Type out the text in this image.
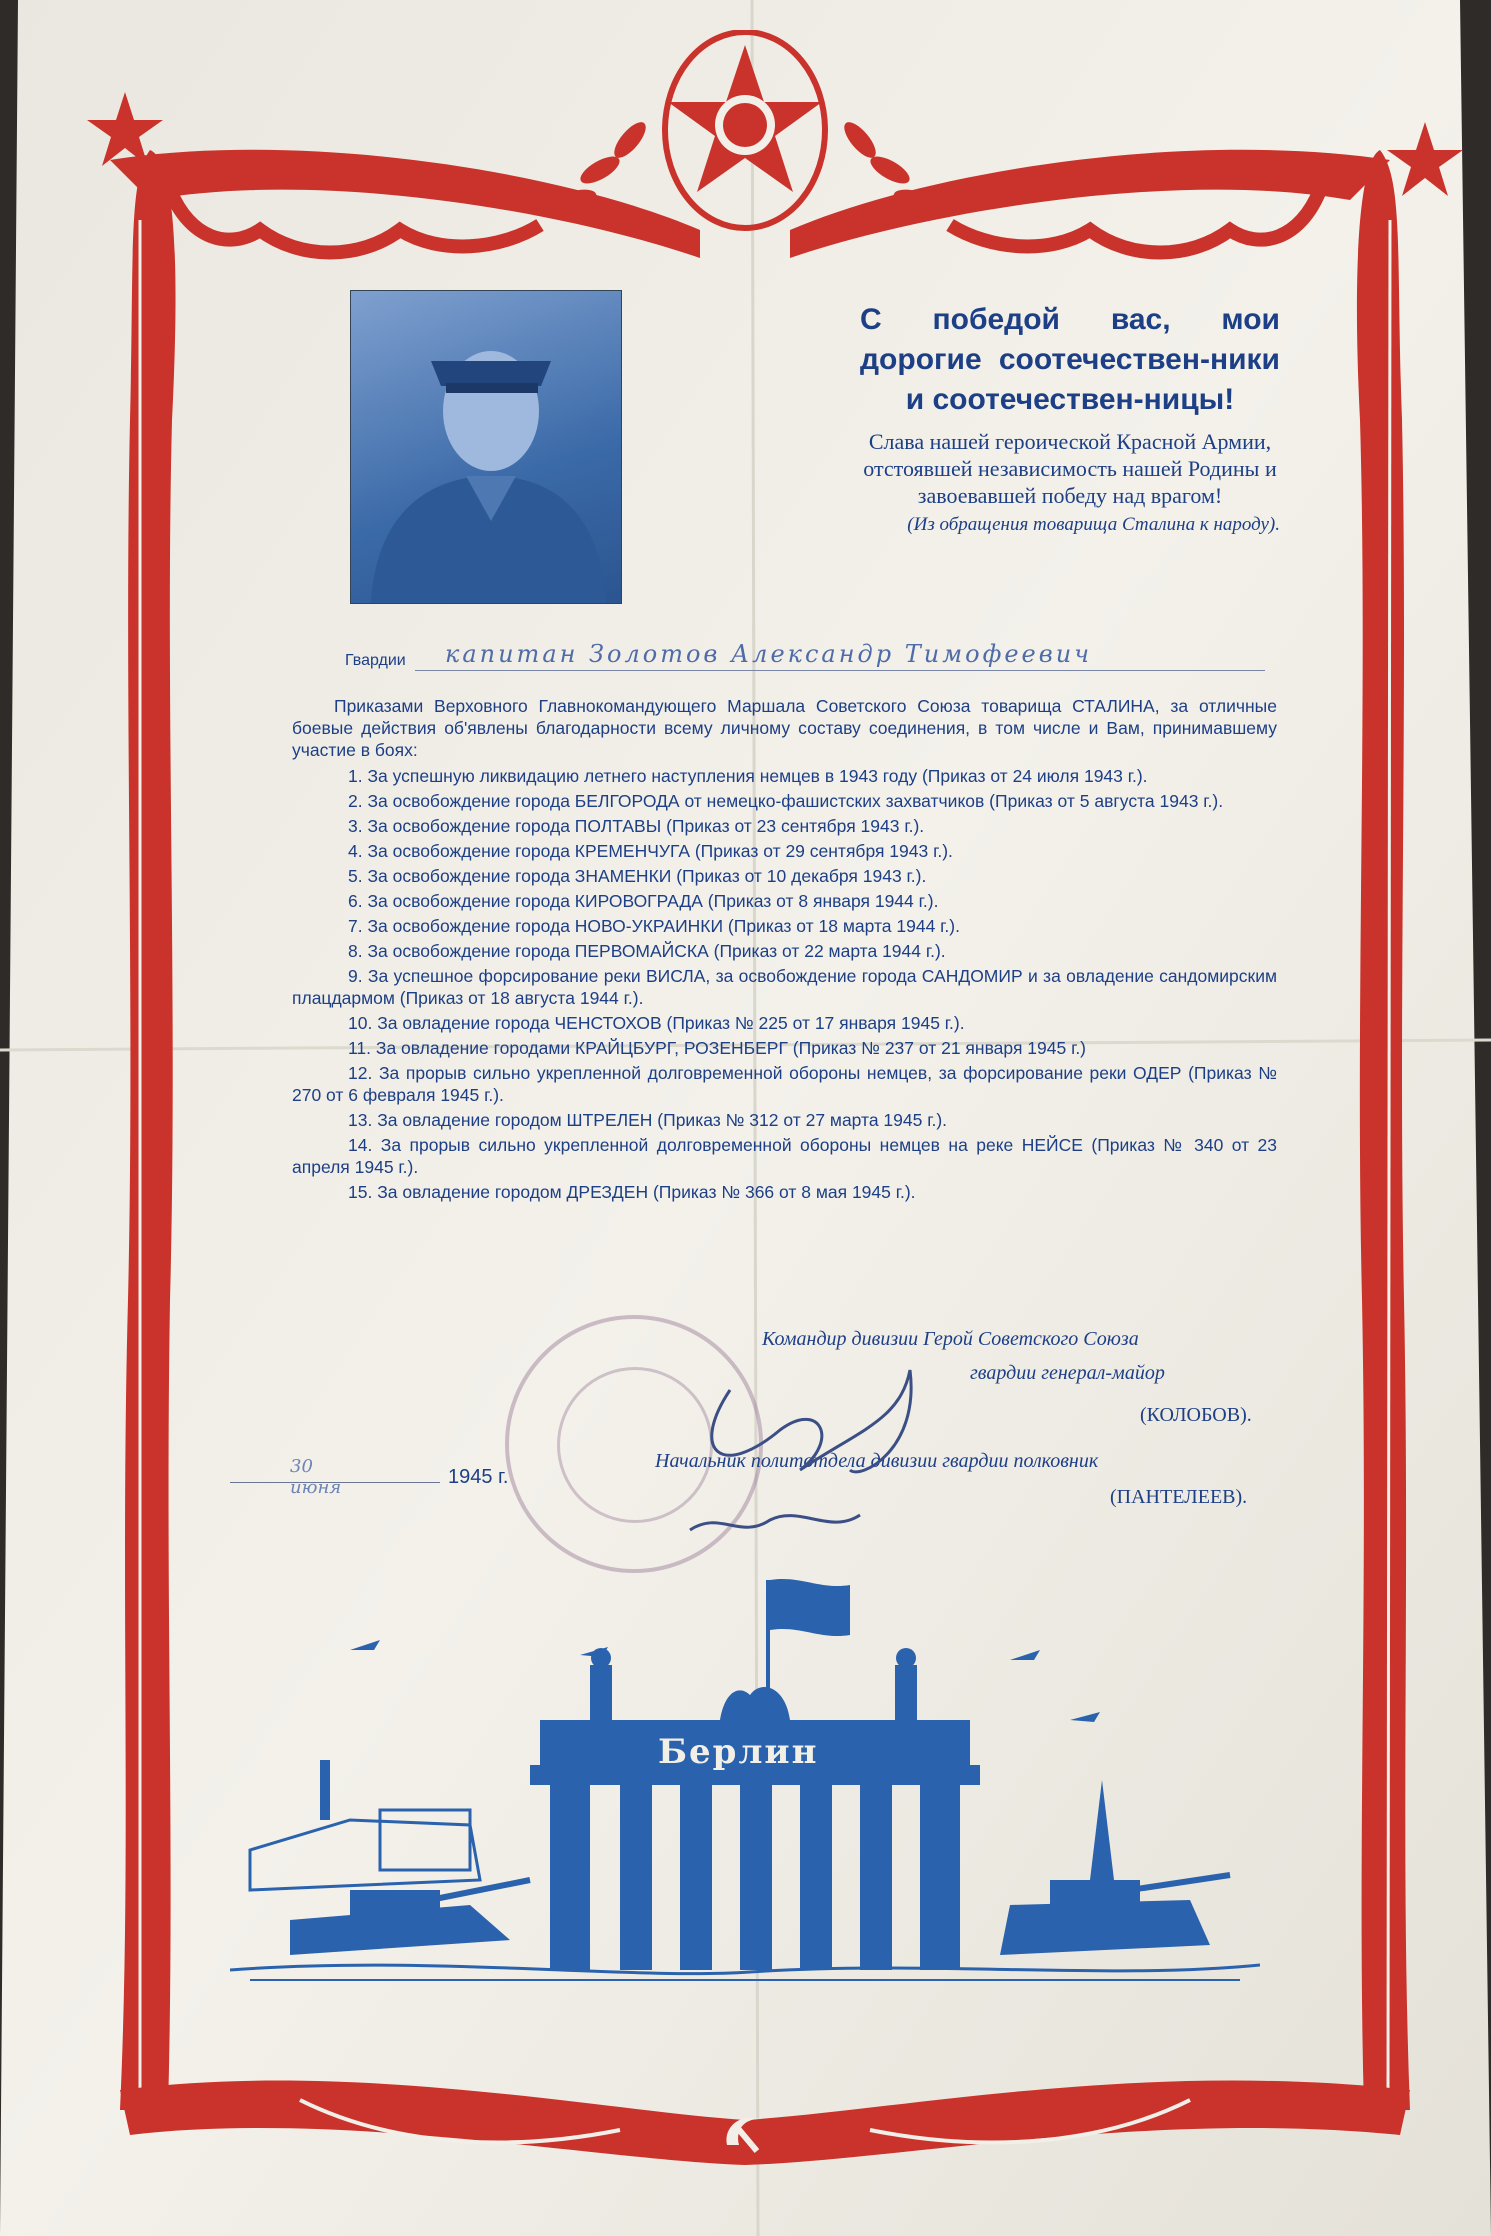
С победой вас, мои дорогие соотечествен-ники и соотечествен-ницы!
Слава нашей героической Красной Армии, отстоявшей независимость нашей Родины и завоевавшей победу над врагом!
(Из обращения товарища Сталина к народу).
Гвардии капитан Золотов Александр Тимофеевич

Приказами Верховного Главнокомандующего Маршала Советского Союза товарища СТАЛИНА, за отличные боевые действия об'явлены благодарности всему личному составу соединения, в том числе и Вам, принимавшему участие в боях:

1. За успешную ликвидацию летнего наступления немцев в 1943 году (Приказ от 24 июля 1943 г.).
2. За освобождение города БЕЛГОРОДА от немецко-фашистских захватчиков (Приказ от 5 августа 1943 г.).
3. За освобождение города ПОЛТАВЫ (Приказ от 23 сентября 1943 г.).
4. За освобождение города КРЕМЕНЧУГА (Приказ от 29 сентября 1943 г.).
5. За освобождение города ЗНАМЕНКИ (Приказ от 10 декабря 1943 г.).
6. За освобождение города КИРОВОГРАДА (Приказ от 8 января 1944 г.).
7. За освобождение города НОВО-УКРАИНКИ (Приказ от 18 марта 1944 г.).
8. За освобождение города ПЕРВОМАЙСКА (Приказ от 22 марта 1944 г.).
9. За успешное форсирование реки ВИСЛА, за освобождение города САНДОМИР и за овладение сандомирским плацдармом (Приказ от 18 августа 1944 г.).
10. За овладение города ЧЕНСТОХОВ (Приказ № 225 от 17 января 1945 г.).
11. За овладение городами КРАЙЦБУРГ, РОЗЕНБЕРГ (Приказ № 237 от 21 января 1945 г.)
12. За прорыв сильно укрепленной долговременной обороны немцев, за форсирование реки ОДЕР (Приказ № 270 от 6 февраля 1945 г.).
13. За овладение городом ШТРЕЛЕН (Приказ № 312 от 27 марта 1945 г.).
14. За прорыв сильно укрепленной долговременной обороны немцев на реке НЕЙСЕ (Приказ № 340 от 23 апреля 1945 г.).
15. За овладение городом ДРЕЗДЕН (Приказ № 366 от 8 мая 1945 г.).
Командир дивизии Герой Советского Союза
гвардии генерал-майор
(КОЛОБОВ).
Начальник политотдела дивизии гвардии полковник
(ПАНТЕЛЕЕВ).
30 июня	1945 г.
Берлин
